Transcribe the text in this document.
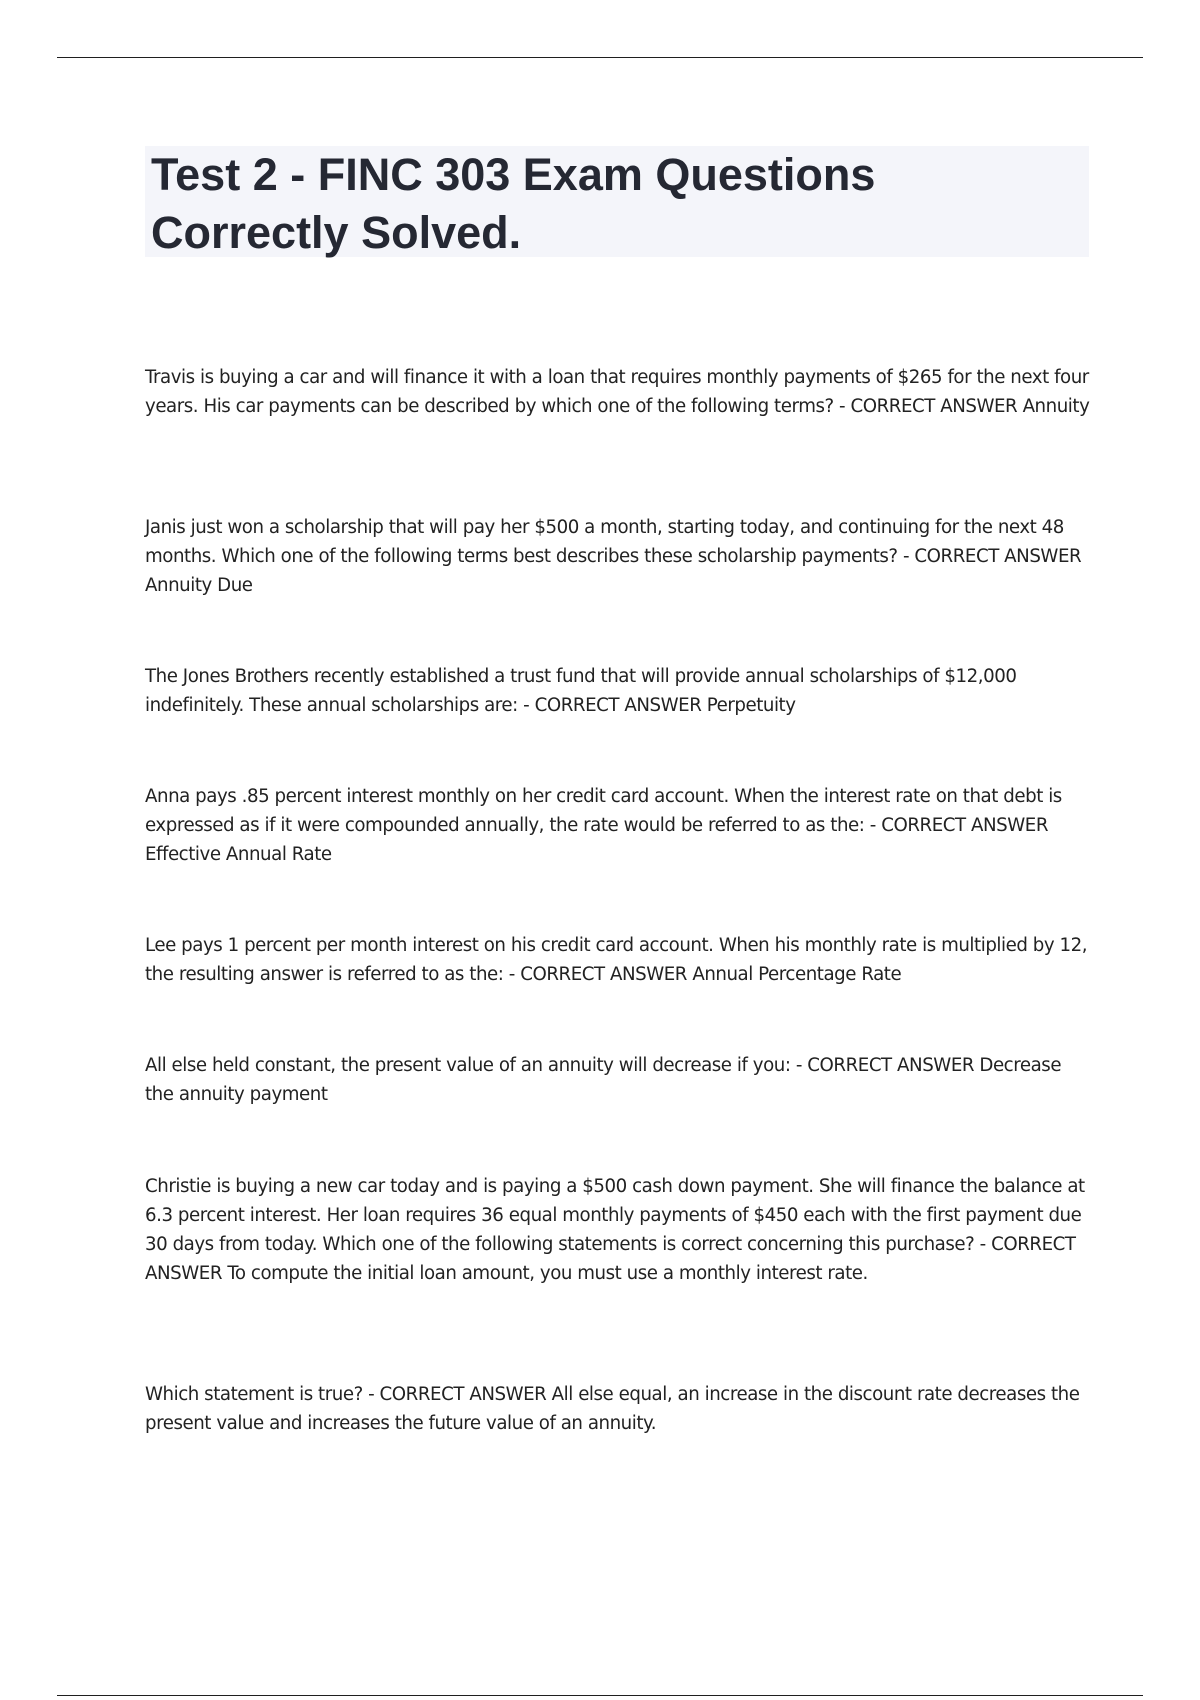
Test 2 - FINC 303 Exam Questions Correctly Solved.

Travis is buying a car and will finance it with a loan that requires monthly payments of $265 for the next four years. His car payments can be described by which one of the following terms? - CORRECT ANSWER Annuity

Janis just won a scholarship that will pay her $500 a month, starting today, and continuing for the next 48 months. Which one of the following terms best describes these scholarship payments? - CORRECT ANSWER Annuity Due

The Jones Brothers recently established a trust fund that will provide annual scholarships of $12,000 indefinitely. These annual scholarships are: - CORRECT ANSWER Perpetuity

Anna pays .85 percent interest monthly on her credit card account. When the interest rate on that debt is expressed as if it were compounded annually, the rate would be referred to as the: - CORRECT ANSWER Effective Annual Rate

Lee pays 1 percent per month interest on his credit card account. When his monthly rate is multiplied by 12, the resulting answer is referred to as the: - CORRECT ANSWER Annual Percentage Rate

All else held constant, the present value of an annuity will decrease if you: - CORRECT ANSWER Decrease the annuity payment

Christie is buying a new car today and is paying a $500 cash down payment. She will finance the balance at 6.3 percent interest. Her loan requires 36 equal monthly payments of $450 each with the first payment due 30 days from today. Which one of the following statements is correct concerning this purchase? - CORRECT ANSWER To compute the initial loan amount, you must use a monthly interest rate.

Which statement is true? - CORRECT ANSWER All else equal, an increase in the discount rate decreases the present value and increases the future value of an annuity.
